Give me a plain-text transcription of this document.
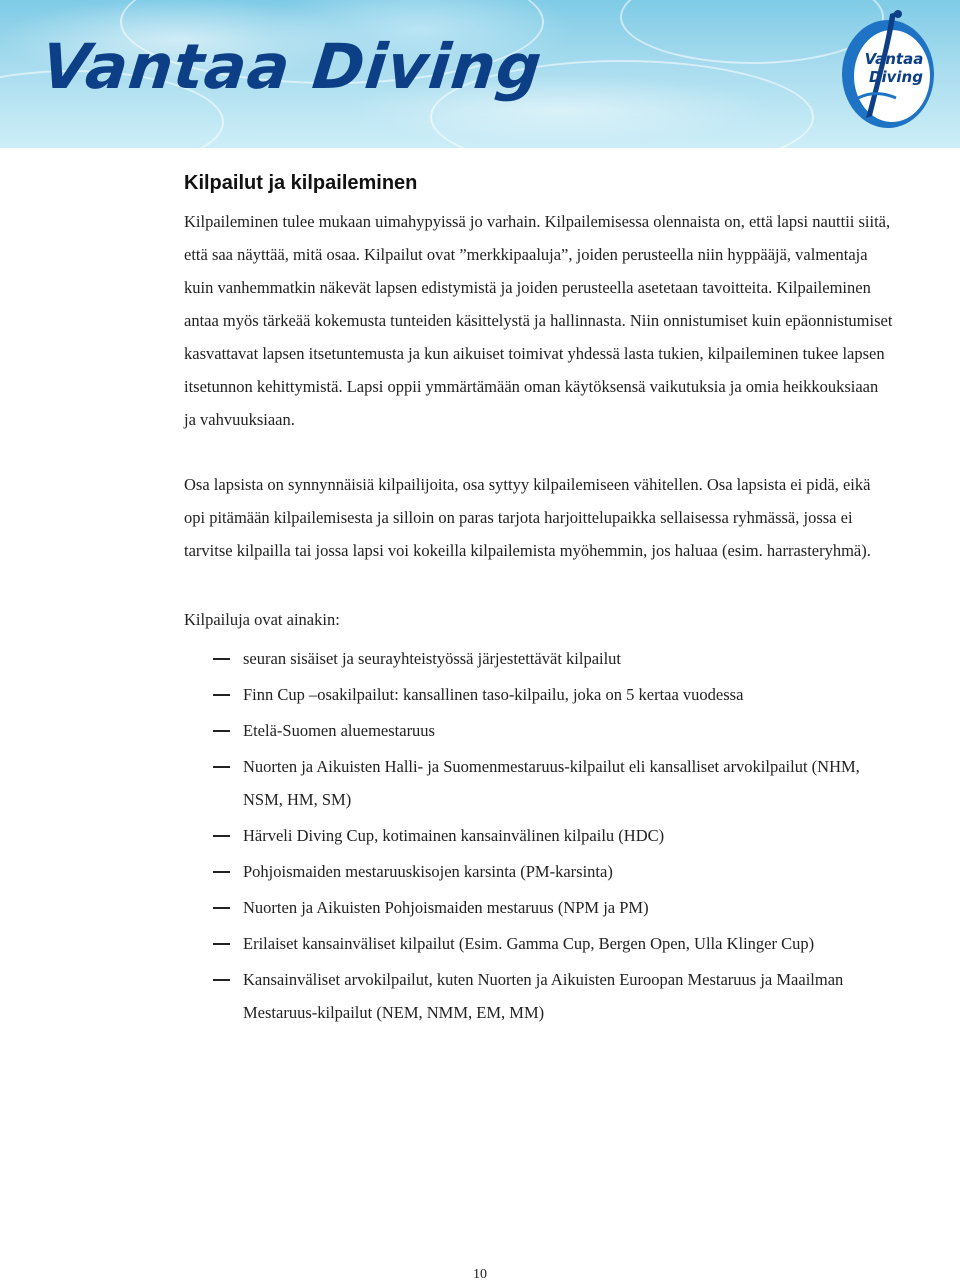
Vantaa Diving	Vantaa
Diving
Kilpailut ja kilpaileminen

Kilpaileminen tulee mukaan uimahypyissä jo varhain. Kilpailemisessa olennaista on, että lapsi nauttii siitä, että saa näyttää, mitä osaa. Kilpailut ovat ”merkkipaaluja”, joiden perusteella niin hyppääjä, valmentaja kuin vanhemmatkin näkevät lapsen edistymistä ja joiden perusteella asetetaan tavoitteita. Kilpaileminen antaa myös tärkeää kokemusta tunteiden käsittelystä ja hallinnasta. Niin onnistumiset kuin epäonnistumiset kasvattavat lapsen itsetuntemusta ja kun aikuiset toimivat yhdessä lasta tukien, kilpaileminen tukee lapsen itsetunnon kehittymistä. Lapsi oppii ymmärtämään oman käytöksensä vaikutuksia ja omia heikkouksiaan ja vahvuuksiaan.

Osa lapsista on synnynnäisiä kilpailijoita, osa syttyy kilpailemiseen vähitellen. Osa lapsista ei pidä, eikä opi pitämään kilpailemisesta ja silloin on paras tarjota harjoittelupaikka sellaisessa ryhmässä, jossa ei tarvitse kilpailla tai jossa lapsi voi kokeilla kilpailemista myöhemmin, jos haluaa (esim. harrasteryhmä).

Kilpailuja ovat ainakin:

seuran sisäiset ja seurayhteistyössä järjestettävät kilpailut
Finn Cup –osakilpailut: kansallinen taso-kilpailu, joka on 5 kertaa vuodessa
Etelä-Suomen aluemestaruus
Nuorten ja Aikuisten Halli- ja Suomenmestaruus-kilpailut eli kansalliset arvokilpailut (NHM, NSM, HM, SM)
Härveli Diving Cup, kotimainen kansainvälinen kilpailu (HDC)
Pohjoismaiden mestaruuskisojen karsinta (PM-karsinta)
Nuorten ja Aikuisten Pohjoismaiden mestaruus (NPM ja PM)
Erilaiset kansainväliset kilpailut (Esim. Gamma Cup, Bergen Open, Ulla Klinger Cup)
Kansainväliset arvokilpailut, kuten Nuorten ja Aikuisten Euroopan Mestaruus ja Maailman Mestaruus-kilpailut (NEM, NMM, EM, MM)
10
